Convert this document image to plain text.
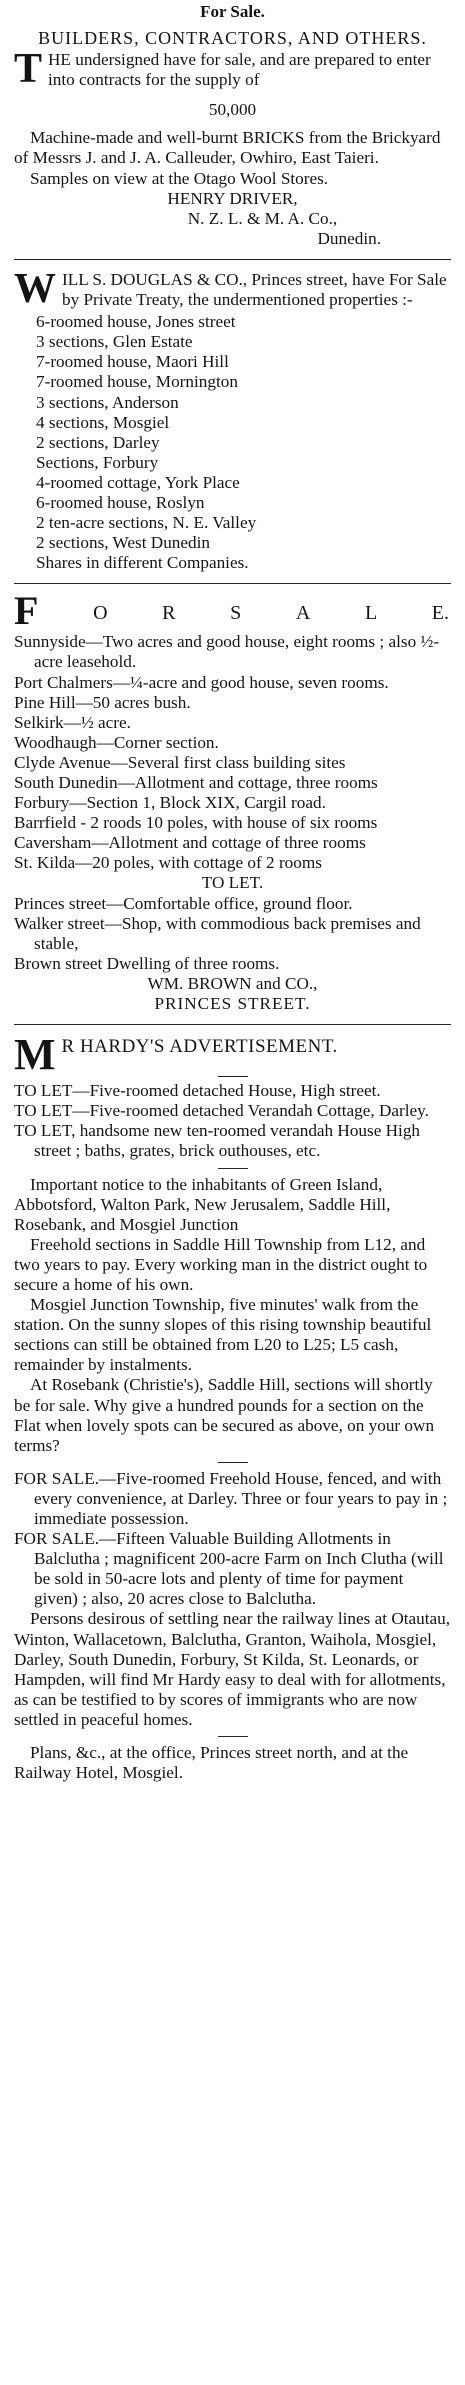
For Sale.

BUILDERS, CONTRACTORS, AND OTHERS.

THE undersigned have for sale, and are prepared to enter into contracts for the supply of

50,000

Machine-made and well-burnt BRICKS from the Brickyard of Messrs J. and J. A. Calleuder, Owhiro, East Taieri.

Samples on view at the Otago Wool Stores.

HENRY DRIVER,

N. Z. L. & M. A. Co.,

Dunedin.

WILL S. DOUGLAS & CO., Princes street, have For Sale by Private Treaty, the undermentioned properties :-

6-roomed house, Jones street

3 sections, Glen Estate

7-roomed house, Maori Hill

7-roomed house, Mornington

3 sections, Anderson

4 sections, Mosgiel

2 sections, Darley

Sections, Forbury

4-roomed cottage, York Place

6-roomed house, Roslyn

2 ten-acre sections, N. E. Valley

2 sections, West Dunedin

Shares in different Companies.

F	O	R	S	A	L	E.

Sunnyside—Two acres and good house, eight rooms ; also ½-acre leasehold.

Port Chalmers—¼-acre and good house, seven rooms.

Pine Hill—50 acres bush.

Selkirk—½ acre.

Woodhaugh—Corner section.

Clyde Avenue—Several first class building sites

South Dunedin—Allotment and cottage, three rooms

Forbury—Section 1, Block XIX, Cargil road.

Barrfield - 2 roods 10 poles, with house of six rooms

Caversham—Allotment and cottage of three rooms

St. Kilda—20 poles, with cottage of 2 rooms

TO LET.

Princes street—Comfortable office, ground floor.

Walker street—Shop, with commodious back premises and stable,

Brown street Dwelling of three rooms.

WM. BROWN and CO.,

PRINCES STREET.

M R HARDY'S ADVERTISEMENT.

TO LET—Five-roomed detached House, High street.

TO LET—Five-roomed detached Verandah Cottage, Darley.

TO LET, handsome new ten-roomed verandah House High street ; baths, grates, brick outhouses, etc.

Important notice to the inhabitants of Green Island, Abbotsford, Walton Park, New Jerusalem, Saddle Hill, Rosebank, and Mosgiel Junction

Freehold sections in Saddle Hill Township from L12, and two years to pay. Every working man in the district ought to secure a home of his own.

Mosgiel Junction Township, five minutes' walk from the station. On the sunny slopes of this rising township beautiful sections can still be obtained from L20 to L25; L5 cash, remainder by instalments.

At Rosebank (Christie's), Saddle Hill, sections will shortly be for sale. Why give a hundred pounds for a section on the Flat when lovely spots can be secured as above, on your own terms?

FOR SALE.—Five-roomed Freehold House, fenced, and with every convenience, at Darley. Three or four years to pay in ; immediate possession.

FOR SALE.—Fifteen Valuable Building Allotments in Balclutha ; magnificent 200-acre Farm on Inch Clutha (will be sold in 50-acre lots and plenty of time for payment given) ; also, 20 acres close to Balclutha.

Persons desirous of settling near the railway lines at Otautau, Winton, Wallacetown, Balclutha, Granton, Waihola, Mosgiel, Darley, South Dunedin, Forbury, St Kilda, St. Leonards, or Hampden, will find Mr Hardy easy to deal with for allotments, as can be testified to by scores of immigrants who are now settled in peaceful homes.

Plans, &c., at the office, Princes street north, and at the Railway Hotel, Mosgiel.
